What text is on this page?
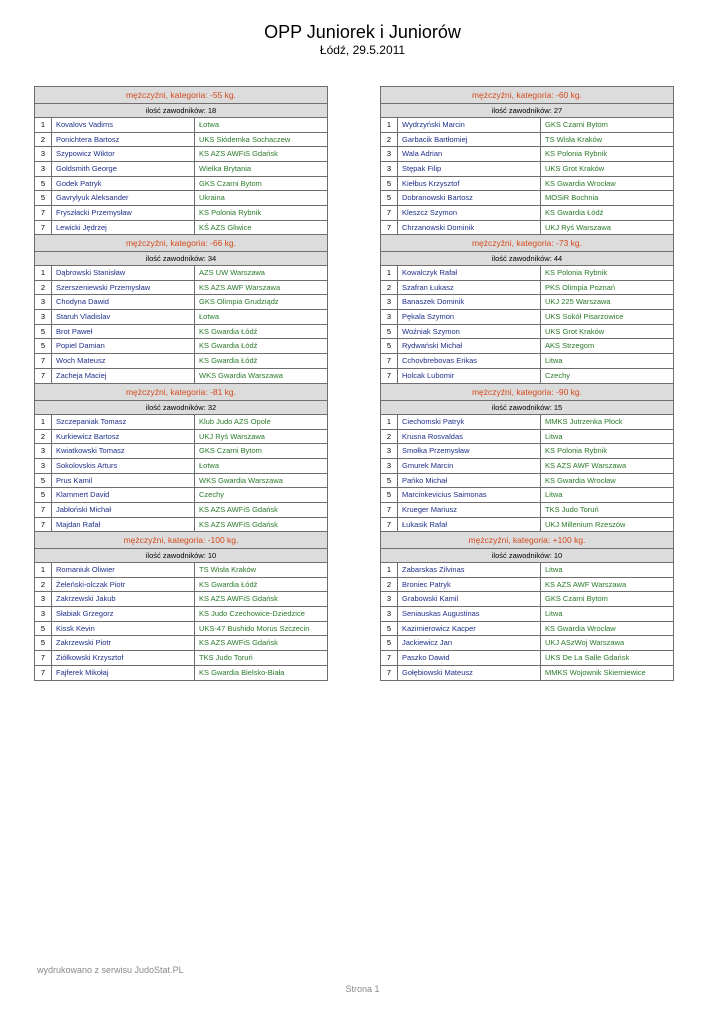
OPP Juniorek i Juniorów
Łódź, 29.5.2011
mężczyźni, kategoria: -55 kg.
ilość zawodników: 18
1	Kovalovs Vadims	Łotwa
2	Ponichtera Bartosz	UKS Siódemka Sochaczew
3	Szypowicz Wiktor	KS AZS AWFiS Gdańsk
3	Goldsmith George	Wielka Brytania
5	Godek Patryk	GKS Czarni Bytom
5	Gavrylyuk Aleksander	Ukraina
7	Fryszłacki Przemysław	KS Polonia Rybnik
7	Lewicki Jędrzej	KŚ AZS Gliwice
mężczyźni, kategoria: -60 kg.
ilość zawodników: 27
1	Wydrzyński Marcin	GKS Czarni Bytom
2	Garbacik Bartłomiej	TS Wisła Kraków
3	Wala Adrian	KS Polonia Rybnik
3	Stępak Filip	UKS Grot Kraków
5	Kiełbus Krzysztof	KS Gwardia Wrocław
5	Dobranowski Bartosz	MOSiR Bochnia
7	Kleszcz Szymon	KS Gwardia Łódź
7	Chrzanowski Dominik	UKJ Ryś Warszawa
mężczyźni, kategoria: -66 kg.
ilość zawodników: 34
1	Dąbrowski Stanisław	AZS UW Warszawa
2	Szerszeniewski Przemysław	KS AZS AWF Warszawa
3	Chodyna Dawid	GKS Olimpia Grudziądz
3	Staruh Vladislav	Łotwa
5	Brot Paweł	KS Gwardia Łódź
5	Popiel Damian	KS Gwardia Łódź
7	Woch Mateusz	KS Gwardia Łódź
7	Zacheja Maciej	WKS Gwardia Warszawa
mężczyźni, kategoria: -73 kg.
ilość zawodników: 44
1	Kowalczyk Rafał	KS Polonia Rybnik
2	Szafran Łukasz	PKS Olimpia Poznań
3	Banaszek Dominik	UKJ 225 Warszawa
3	Pękala Szymon	UKS Sokół Pisarzowice
5	Woźniak Szymon	UKS Grot Kraków
5	Rydwański Michał	AKS Strzegom
7	Cchovbrebovas Erikas	Litwa
7	Holcak Lubomir	Czechy
mężczyźni, kategoria: -81 kg.
ilość zawodników: 32
1	Szczepaniak Tomasz	Klub Judo AZS Opole
2	Kurkiewicz Bartosz	UKJ Ryś Warszawa
3	Kwiatkowski Tomasz	GKS Czarni Bytom
3	Sokolovskis Arturs	Łotwa
5	Prus Kamil	WKS Gwardia Warszawa
5	Klammert David	Czechy
7	Jabłoński Michał	KS AZS AWFiS Gdańsk
7	Majdan Rafał	KS AZS AWFiS Gdańsk
mężczyźni, kategoria: -90 kg.
ilość zawodników: 15
1	Ciechomski Patryk	MMKS Jutrzenka Płock
2	Krusna Rosvaldas	Litwa
3	Smołka Przemysław	KS Polonia Rybnik
3	Gmurek Marcin	KS AZS AWF Warszawa
5	Pańko Michał	KS Gwardia Wrocław
5	Marcinkevicius Saimonas	Litwa
7	Krueger Mariusz	TKS Judo Toruń
7	Łukasik Rafał	UKJ Millenium Rzeszów
mężczyźni, kategoria: -100 kg.
ilość zawodników: 10
1	Romaniuk Oliwier	TS Wisła Kraków
2	Żeleński-olczak Piotr	KS Gwardia Łódź
3	Zakrzewski Jakub	KS AZS AWFiS Gdańsk
3	Słabiak Grzegorz	KS Judo Czechowice-Dziedzice
5	Kissk Kevin	UKS-47 Bushido Morus Szczecin
5	Zakrzewski Piotr	KS AZS AWFiS Gdańsk
7	Ziółkowski Krzysztof	TKS Judo Toruń
7	Fajferek Mikołaj	KS Gwardia Bielsko-Biała
mężczyźni, kategoria: +100 kg.
ilość zawodników: 10
1	Zabarskas Zilvinas	Litwa
2	Broniec Patryk	KS AZS AWF Warszawa
3	Grabowski Kamil	GKS Czarni Bytom
3	Seniauskas Augustinas	Litwa
5	Kazimierowicz Kacper	KS Gwardia Wrocław
5	Jackiewicz Jan	UKJ ASzWoj Warszawa
7	Paszko Dawid	UKS De La Salle Gdańsk
7	Gołębiowski Mateusz	MMKS Wojownik Skierniewice
wydrukowano z serwisu JudoStat.PL
Strona 1
